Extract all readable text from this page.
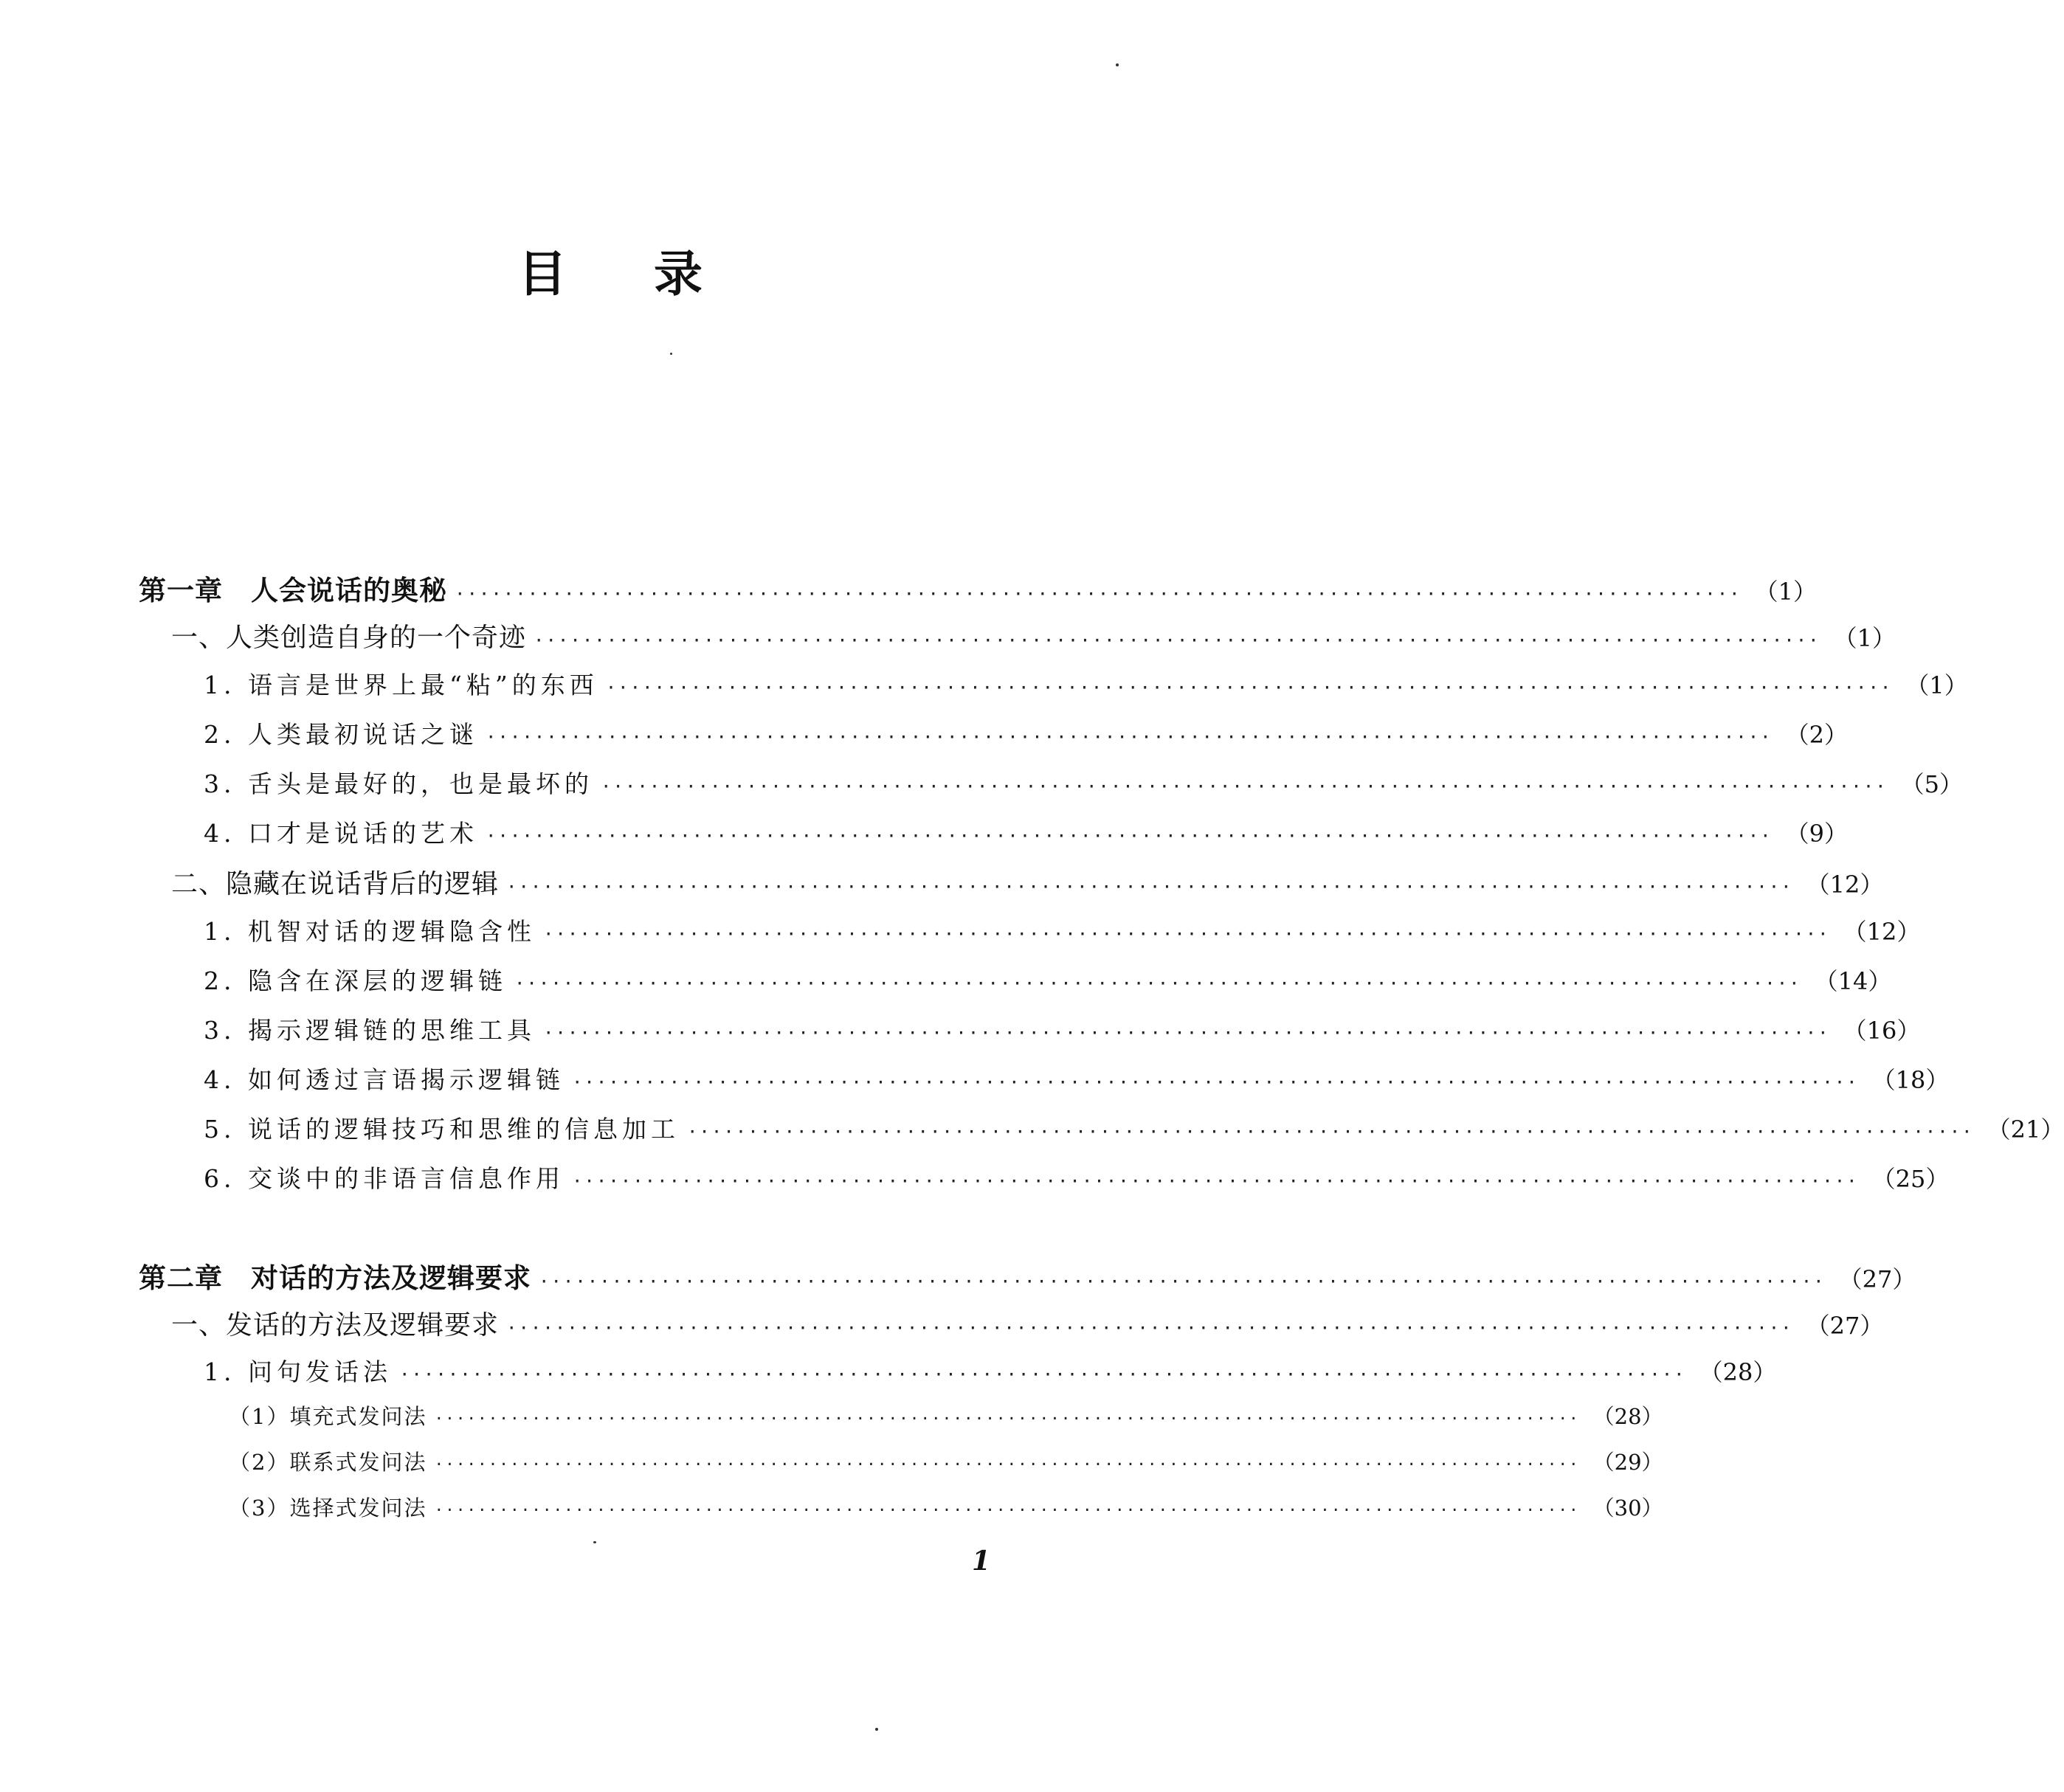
目 录
第一章　人会说话的奥秘 ·········································································································· （1）
一、人类创造自身的一个奇迹 ·········································································································· （1）
1. 语言是世界上最“粘”的东西 ·········································································································· （1）
2. 人类最初说话之谜 ·········································································································· （2）
3. 舌头是最好的，也是最坏的 ·········································································································· （5）
4. 口才是说话的艺术 ·········································································································· （9）
二、隐藏在说话背后的逻辑 ·········································································································· （12）
1. 机智对话的逻辑隐含性 ·········································································································· （12）
2. 隐含在深层的逻辑链 ·········································································································· （14）
3. 揭示逻辑链的思维工具 ·········································································································· （16）
4. 如何透过言语揭示逻辑链 ·········································································································· （18）
5. 说话的逻辑技巧和思维的信息加工 ·········································································································· （21）
6. 交谈中的非语言信息作用 ·········································································································· （25）
第二章　对话的方法及逻辑要求 ·········································································································· （27）
一、发话的方法及逻辑要求 ·········································································································· （27）
1. 问句发话法 ·········································································································· （28）
（1）填充式发问法 ·········································································································· （28）
（2）联系式发问法 ·········································································································· （29）
（3）选择式发问法 ·········································································································· （30）
1
